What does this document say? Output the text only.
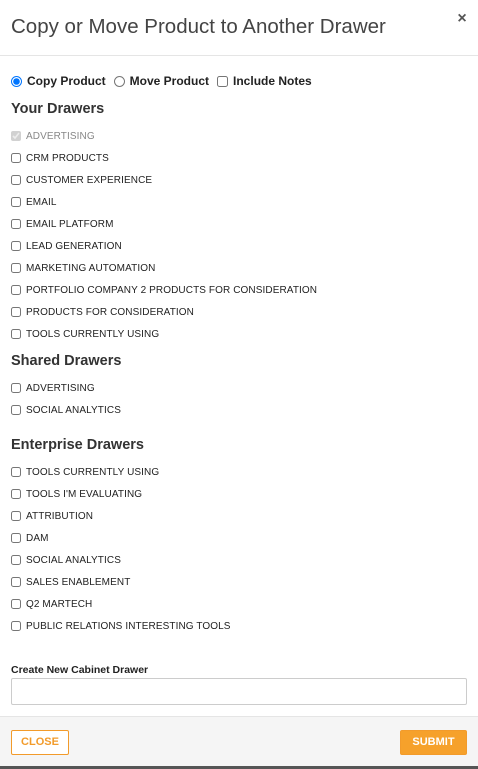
Copy or Move Product to Another Drawer	×
Copy Product Move Product Include Notes
Your Drawers
ADVERTISING
CRM PRODUCTS
CUSTOMER EXPERIENCE
EMAIL
EMAIL PLATFORM
LEAD GENERATION
MARKETING AUTOMATION
PORTFOLIO COMPANY 2 PRODUCTS FOR CONSIDERATION
PRODUCTS FOR CONSIDERATION
TOOLS CURRENTLY USING
Shared Drawers
ADVERTISING
SOCIAL ANALYTICS
Enterprise Drawers
TOOLS CURRENTLY USING
TOOLS I'M EVALUATING
ATTRIBUTION
DAM
SOCIAL ANALYTICS
SALES ENABLEMENT
Q2 MARTECH
PUBLIC RELATIONS INTERESTING TOOLS
Create New Cabinet Drawer
CLOSE	SUBMIT
